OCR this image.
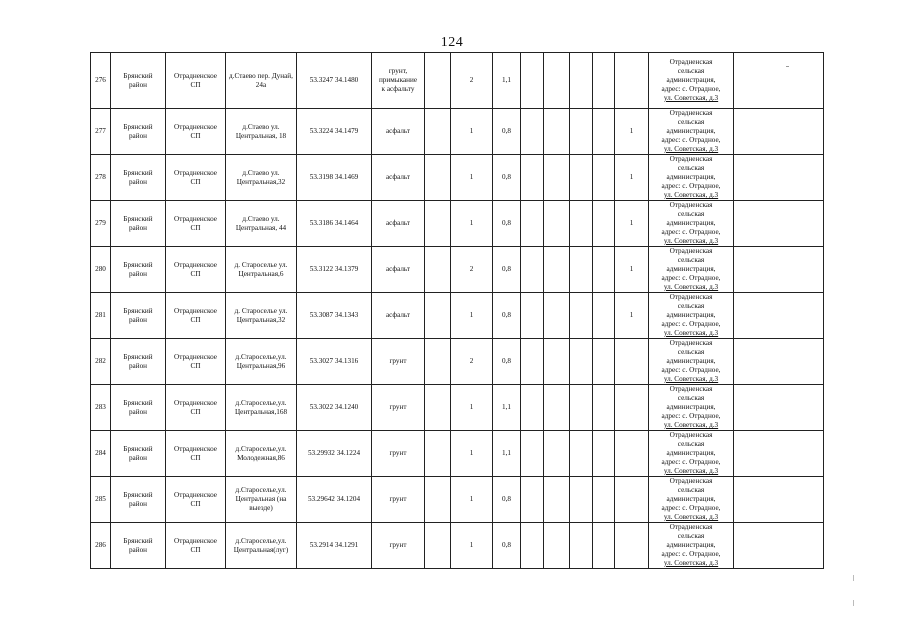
124
276	Брянский
район	Отрадненское
СП	д.Стаево пер. Дунай,
24а	53.3247 34.1480	грунт,
примыкание
к асфальту		2	1,1						Отрадненская
сельская
администрация,
адрес: с. Отрадное,
ул. Советская, д.3	
277	Брянский
район	Отрадненское
СП	д.Стаево ул.
Центральная, 18	53.3224 34.1479	асфальт		1	0,8					1	Отрадненская
сельская
администрация,
адрес: с. Отрадное,
ул. Советская, д.3	
278	Брянский
район	Отрадненское
СП	д.Стаево ул.
Центральная,32	53.3198 34.1469	асфальт		1	0,8					1	Отрадненская
сельская
администрация,
адрес: с. Отрадное,
ул. Советская, д.3	
279	Брянский
район	Отрадненское
СП	д.Стаево ул.
Центральная, 44	53.3186 34.1464	асфальт		1	0,8					1	Отрадненская
сельская
администрация,
адрес: с. Отрадное,
ул. Советская, д.3	
280	Брянский
район	Отрадненское
СП	д. Староселье ул.
Центральная,6	53.3122 34.1379	асфальт		2	0,8					1	Отрадненская
сельская
администрация,
адрес: с. Отрадное,
ул. Советская, д.3	
281	Брянский
район	Отрадненское
СП	д. Староселье ул.
Центральная,32	53.3087 34.1343	асфальт		1	0,8					1	Отрадненская
сельская
администрация,
адрес: с. Отрадное,
ул. Советская, д.3	
282	Брянский
район	Отрадненское
СП	д.Староселье,ул.
Центральная,96	53.3027 34.1316	грунт		2	0,8						Отрадненская
сельская
администрация,
адрес: с. Отрадное,
ул. Советская, д.3	
283	Брянский
район	Отрадненское
СП	д.Староселье,ул.
Центральная,168	53.3022 34.1240	грунт		1	1,1						Отрадненская
сельская
администрация,
адрес: с. Отрадное,
ул. Советская, д.3	
284	Брянский
район	Отрадненское
СП	д.Староселье,ул.
Молодежная,86	53.29932 34.1224	грунт		1	1,1						Отрадненская
сельская
администрация,
адрес: с. Отрадное,
ул. Советская, д.3	
285	Брянский
район	Отрадненское
СП	д.Староселье,ул.
Центральная (на
выезде)	53.29642 34.1204	грунт		1	0,8						Отрадненская
сельская
администрация,
адрес: с. Отрадное,
ул. Советская, д.3	
286	Брянский
район	Отрадненское
СП	д.Староселье,ул.
Центральная(луг)	53.2914 34.1291	грунт		1	0,8						Отрадненская
сельская
администрация,
адрес: с. Отрадное,
ул. Советская, д.3	
